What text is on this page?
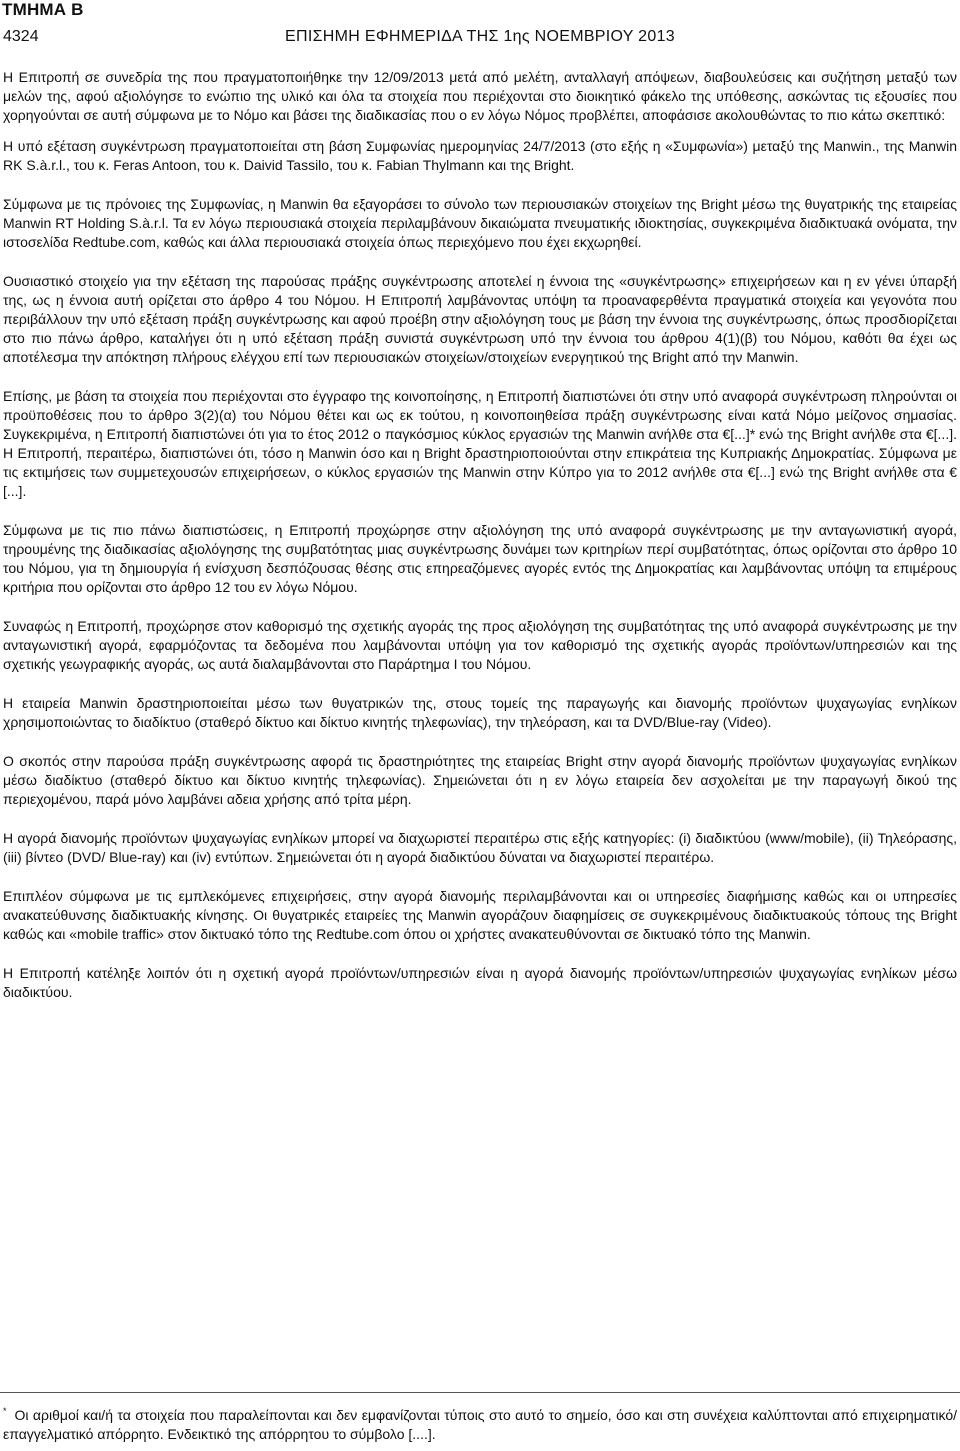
ΤΜΗΜΑ Β
4324	ΕΠΙΣΗΜΗ ΕΦΗΜΕΡΙΔΑ ΤΗΣ 1ης ΝΟΕΜΒΡΙΟΥ 2013

Η Επιτροπή σε συνεδρία της που πραγματοποιήθηκε την 12/09/2013 μετά από μελέτη, ανταλλαγή απόψεων, διαβουλεύσεις και συζήτηση μεταξύ των μελών της, αφού αξιολόγησε το ενώπιο της υλικό και όλα τα στοιχεία που περιέχονται στο διοικητικό φάκελο της υπόθεσης, ασκώντας τις εξουσίες που χορηγούνται σε αυτή σύμφωνα με το Νόμο και βάσει της διαδικασίας που ο εν λόγω Νόμος προβλέπει, αποφάσισε ακολουθώντας το πιο κάτω σκεπτικό:

Η υπό εξέταση συγκέντρωση πραγματοποιείται στη βάση Συμφωνίας ημερομηνίας 24/7/2013 (στο εξής η «Συμφωνία») μεταξύ της Manwin., της Manwin RK S.à.r.l., του κ. Feras Antoon, του κ. Daivid Tassilo, του κ. Fabian Thylmann και της Bright.

Σύμφωνα με τις πρόνοιες της Συμφωνίας, η Manwin θα εξαγοράσει το σύνολο των περιουσιακών στοιχείων της Bright μέσω της θυγατρικής της εταιρείας Manwin RT Holding S.à.r.l. Τα εν λόγω περιουσιακά στοιχεία περιλαμβάνουν δικαιώματα πνευματικής ιδιοκτησίας, συγκεκριμένα διαδικτυακά ονόματα, την ιστοσελίδα Redtube.com, καθώς και άλλα περιουσιακά στοιχεία όπως περιεχόμενο που έχει εκχωρηθεί.

Ουσιαστικό στοιχείο για την εξέταση της παρούσας πράξης συγκέντρωσης αποτελεί η έννοια της «συγκέντρωσης» επιχειρήσεων και η εν γένει ύπαρξή της, ως η έννοια αυτή ορίζεται στο άρθρο 4 του Νόμου. Η Επιτροπή λαμβάνοντας υπόψη τα προαναφερθέντα πραγματικά στοιχεία και γεγονότα που περιβάλλουν την υπό εξέταση πράξη συγκέντρωσης και αφού προέβη στην αξιολόγηση τους με βάση την έννοια της συγκέντρωσης, όπως προσδιορίζεται στο πιο πάνω άρθρο, καταλήγει ότι η υπό εξέταση πράξη συνιστά συγκέντρωση υπό την έννοια του άρθρου 4(1)(β) του Νόμου, καθότι θα έχει ως αποτέλεσμα την απόκτηση πλήρους ελέγχου επί των περιουσιακών στοιχείων/στοιχείων ενεργητικού της Bright από την Manwin.

Επίσης, με βάση τα στοιχεία που περιέχονται στο έγγραφο της κοινοποίησης, η Επιτροπή διαπιστώνει ότι στην υπό αναφορά συγκέντρωση πληρούνται οι προϋποθέσεις που το άρθρο 3(2)(α) του Νόμου θέτει και ως εκ τούτου, η κοινοποιηθείσα πράξη συγκέντρωσης είναι κατά Νόμο μείζονος σημασίας. Συγκεκριμένα, η Επιτροπή διαπιστώνει ότι για το έτος 2012 ο παγκόσμιος κύκλος εργασιών της Manwin ανήλθε στα €[...]* ενώ της Bright ανήλθε στα €[...]. Η Επιτροπή, περαιτέρω, διαπιστώνει ότι, τόσο η Manwin όσο και η Bright δραστηριοποιούνται στην επικράτεια της Κυπριακής Δημοκρατίας. Σύμφωνα με τις εκτιμήσεις των συμμετεχουσών επιχειρήσεων, ο κύκλος εργασιών της Manwin στην Κύπρο για το 2012 ανήλθε στα €[...] ενώ της Bright ανήλθε στα €[...].

Σύμφωνα με τις πιο πάνω διαπιστώσεις, η Επιτροπή προχώρησε στην αξιολόγηση της υπό αναφορά συγκέντρωσης με την ανταγωνιστική αγορά, τηρουμένης της διαδικασίας αξιολόγησης της συμβατότητας μιας συγκέντρωσης δυνάμει των κριτηρίων περί συμβατότητας, όπως ορίζονται στο άρθρο 10 του Νόμου, για τη δημιουργία ή ενίσχυση δεσπόζουσας θέσης στις επηρεαζόμενες αγορές εντός της Δημοκρατίας και λαμβάνοντας υπόψη τα επιμέρους κριτήρια που ορίζονται στο άρθρο 12 του εν λόγω Νόμου.

Συναφώς η Επιτροπή, προχώρησε στον καθορισμό της σχετικής αγοράς της προς αξιολόγηση της συμβατότητας της υπό αναφορά συγκέντρωσης με την ανταγωνιστική αγορά, εφαρμόζοντας τα δεδομένα που λαμβάνονται υπόψη για τον καθορισμό της σχετικής αγοράς προϊόντων/υπηρεσιών και της σχετικής γεωγραφικής αγοράς, ως αυτά διαλαμβάνονται στο Παράρτημα Ι του Νόμου.

Η εταιρεία Manwin δραστηριοποιείται μέσω των θυγατρικών της, στους τομείς της παραγωγής και διανομής προϊόντων ψυχαγωγίας ενηλίκων χρησιμοποιώντας το διαδίκτυο (σταθερό δίκτυο και δίκτυο κινητής τηλεφωνίας), την τηλεόραση, και τα DVD/Blue-ray (Video).

Ο σκοπός στην παρούσα πράξη συγκέντρωσης αφορά τις δραστηριότητες της εταιρείας Bright στην αγορά διανομής προϊόντων ψυχαγωγίας ενηλίκων μέσω διαδίκτυο (σταθερό δίκτυο και δίκτυο κινητής τηλεφωνίας). Σημειώνεται ότι η εν λόγω εταιρεία δεν ασχολείται με την παραγωγή δικού της περιεχομένου, παρά μόνο λαμβάνει αδεια χρήσης από τρίτα μέρη.

Η αγορά διανομής προϊόντων ψυχαγωγίας ενηλίκων μπορεί να διαχωριστεί περαιτέρω στις εξής κατηγορίες: (i) διαδικτύου (www/mobile), (ii) Τηλεόρασης, (iii) βίντεο (DVD/ Blue-ray) και (iv) εντύπων. Σημειώνεται ότι η αγορά διαδικτύου δύναται να διαχωριστεί περαιτέρω.

Επιπλέον σύμφωνα με τις εμπλεκόμενες επιχειρήσεις, στην αγορά διανομής περιλαμβάνονται και οι υπηρεσίες διαφήμισης καθώς και οι υπηρεσίες ανακατεύθυνσης διαδικτυακής κίνησης. Οι θυγατρικές εταιρείες της Manwin αγοράζουν διαφημίσεις σε συγκεκριμένους διαδικτυακούς τόπους της Bright καθώς και «mobile traffic» στον δικτυακό τόπο της Redtube.com όπου οι χρήστες ανακατευθύνονται σε δικτυακό τόπο της Manwin.

Η Επιτροπή κατέληξε λοιπόν ότι η σχετική αγορά προϊόντων/υπηρεσιών είναι η αγορά διανομής προϊόντων/υπηρεσιών ψυχαγωγίας ενηλίκων μέσω διαδικτύου.

* Οι αριθμοί και/ή τα στοιχεία που παραλείπονται και δεν εμφανίζονται τύποις στο αυτό το σημείο, όσο και στη συνέχεια καλύπτονται από επιχειρηματικό/επαγγελματικό απόρρητο. Ενδεικτικό της απόρρητου το σύμβολο [....].
